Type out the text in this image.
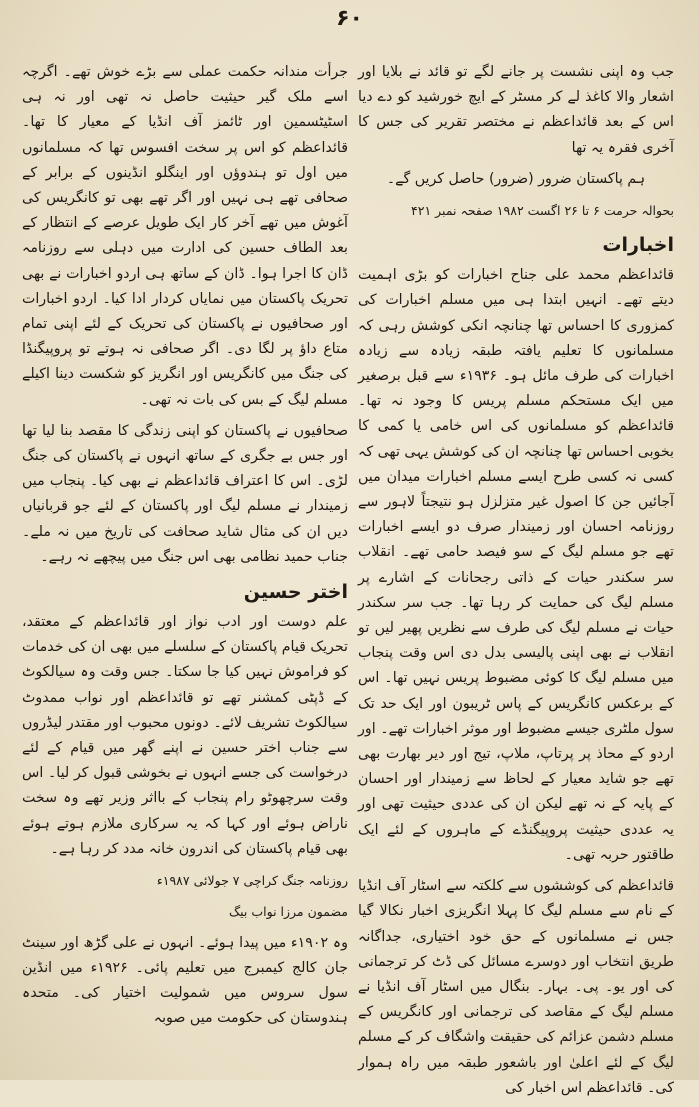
۶۰

جب وہ اپنی نشست پر جانے لگے تو قائد نے بلایا اور اشعار والا کاغذ لے کر مسٹر کے ایچ خورشید کو دے دیا اس کے بعد قائداعظم نے مختصر تقریر کی جس کا آخری فقرہ یہ تھا

ہم پاکستان ضرور (ضرور) حاصل کریں گے۔

بحوالہ حرمت ۶ تا ۲۶ اگست ۱۹۸۲ صفحہ نمبر ۴۲۱

اخبارات

قائداعظم محمد علی جناح اخبارات کو بڑی اہمیت دیتے تھے۔ انہیں ابتدا ہی میں مسلم اخبارات کی کمزوری کا احساس تھا چنانچہ انکی کوشش رہی کہ مسلمانوں کا تعلیم یافتہ طبقہ زیادہ سے زیادہ اخبارات کی طرف مائل ہو۔ ۱۹۳۶ء سے قبل برصغیر میں ایک مستحکم مسلم پریس کا وجود نہ تھا۔ قائداعظم کو مسلمانوں کی اس خامی یا کمی کا بخوبی احساس تھا چنانچہ ان کی کوشش یہی تھی کہ کسی نہ کسی طرح ایسے مسلم اخبارات میدان میں آجائیں جن کا اصول غیر متزلزل ہو نتیجتاً لاہور سے روزنامہ احسان اور زمیندار صرف دو ایسے اخبارات تھے جو مسلم لیگ کے سو فیصد حامی تھے۔ انقلاب سر سکندر حیات کے ذاتی رجحانات کے اشارے پر مسلم لیگ کی حمایت کر رہا تھا۔ جب سر سکندر حیات نے مسلم لیگ کی طرف سے نظریں پھیر لیں تو انقلاب نے بھی اپنی پالیسی بدل دی اس وقت پنجاب میں مسلم لیگ کا کوئی مضبوط پریس نہیں تھا۔ اس کے برعکس کانگریس کے پاس ٹریبون اور ایک حد تک سول ملٹری جیسے مضبوط اور موثر اخبارات تھے۔ اور اردو کے محاذ پر پرتاپ، ملاپ، تیج اور دیر بھارت بھی تھے جو شاید معیار کے لحاظ سے زمیندار اور احسان کے پایہ کے نہ تھے لیکن ان کی عددی حیثیت تھی اور یہ عددی حیثیت پروپیگنڈے کے ماہروں کے لئے ایک طاقتور حربہ تھی۔

قائداعظم کی کوششوں سے کلکتہ سے اسٹار آف انڈیا کے نام سے مسلم لیگ کا پہلا انگریزی اخبار نکالا گیا جس نے مسلمانوں کے حق خود اختیاری، جداگانہ طریق انتخاب اور دوسرے مسائل کی ڈٹ کر ترجمانی کی اور یو۔ پی۔ بہار۔ بنگال میں اسٹار آف انڈیا نے مسلم لیگ کے مقاصد کی ترجمانی اور کانگریس کے مسلم دشمن عزائم کی حقیقت واشگاف کر کے مسلم لیگ کے لئے اعلیٰ اور باشعور طبقہ میں راہ ہموار کی۔ قائداعظم اس اخبار کی

جرأت مندانہ حکمت عملی سے بڑے خوش تھے۔ اگرچہ اسے ملک گیر حیثیت حاصل نہ تھی اور نہ ہی اسٹیٹسمین اور ٹائمز آف انڈیا کے معیار کا تھا۔ قائداعظم کو اس پر سخت افسوس تھا کہ مسلمانوں میں اول تو ہندوؤں اور اینگلو انڈینوں کے برابر کے صحافی تھے ہی نہیں اور اگر تھے بھی تو کانگریس کی آغوش میں تھے آخر کار ایک طویل عرصے کے انتظار کے بعد الطاف حسین کی ادارت میں دہلی سے روزنامہ ڈان کا اجرا ہوا۔ ڈان کے ساتھ ہی اردو اخبارات نے بھی تحریک پاکستان میں نمایاں کردار ادا کیا۔ اردو اخبارات اور صحافیوں نے پاکستان کی تحریک کے لئے اپنی تمام متاع داؤ پر لگا دی۔ اگر صحافی نہ ہوتے تو پروپیگنڈا کی جنگ میں کانگریس اور انگریز کو شکست دینا اکیلے مسلم لیگ کے بس کی بات نہ تھی۔

صحافیوں نے پاکستان کو اپنی زندگی کا مقصد بنا لیا تھا اور جس بے جگری کے ساتھ انہوں نے پاکستان کی جنگ لڑی۔ اس کا اعتراف قائداعظم نے بھی کیا۔ پنجاب میں زمیندار نے مسلم لیگ اور پاکستان کے لئے جو قربانیاں دیں ان کی مثال شاید صحافت کی تاریخ میں نہ ملے۔ جناب حمید نظامی بھی اس جنگ میں پیچھے نہ رہے۔

اختر حسین

علم دوست اور ادب نواز اور قائداعظم کے معتقد، تحریک قیام پاکستان کے سلسلے میں بھی ان کی خدمات کو فراموش نہیں کیا جا سکتا۔ جس وقت وہ سیالکوٹ کے ڈپٹی کمشنر تھے تو قائداعظم اور نواب ممدوٹ سیالکوٹ تشریف لائے۔ دونوں محبوب اور مقتدر لیڈروں سے جناب اختر حسین نے اپنے گھر میں قیام کے لئے درخواست کی جسے انہوں نے بخوشی قبول کر لیا۔ اس وقت سرچھوٹو رام پنجاب کے بااثر وزیر تھے وہ سخت ناراض ہوئے اور کہا کہ یہ سرکاری ملازم ہوتے ہوئے بھی قیام پاکستان کی اندرون خانہ مدد کر رہا ہے۔

روزنامہ جنگ کراچی ۷ جولائی ۱۹۸۷ء

مضمون مرزا نواب بیگ

وہ ۱۹۰۲ء میں پیدا ہوئے۔ انہوں نے علی گڑھ اور سینٹ جان کالج کیمبرج میں تعلیم پائی۔ ۱۹۲۶ء میں انڈین سول سروس میں شمولیت اختیار کی۔ متحدہ ہندوستان کی حکومت میں صوبہ
